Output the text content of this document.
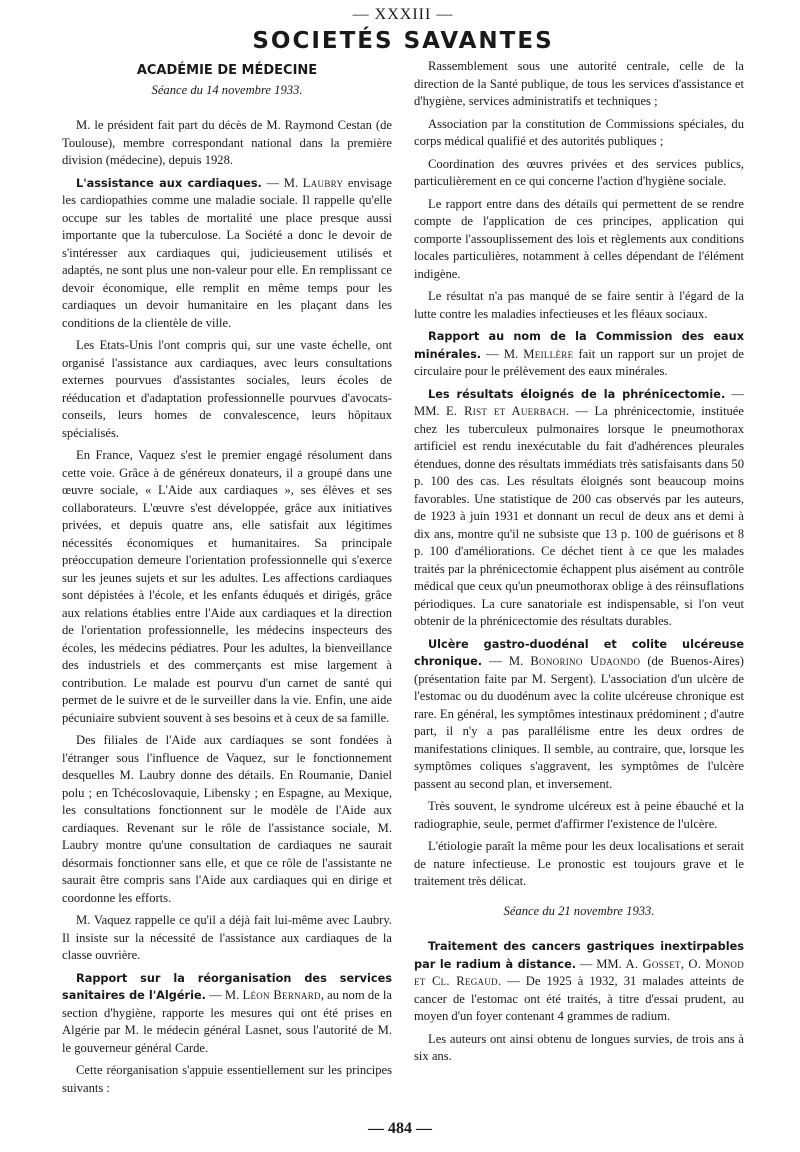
— XXXIII —
SOCIETÉS SAVANTES
ACADÉMIE DE MÉDECINE
Séance du 14 novembre 1933.

M. le président fait part du décès de M. Raymond Cestan (de Toulouse), membre correspondant national dans la première division (médecine), depuis 1928.

L'assistance aux cardiaques. — M. Laubry envisage les cardiopathies comme une maladie sociale. Il rappelle qu'elle occupe sur les tables de mortalité une place presque aussi importante que la tuberculose. La Société a donc le devoir de s'intéresser aux cardiaques qui, judicieusement utilisés et adaptés, ne sont plus une non-valeur pour elle. En remplissant ce devoir économique, elle remplit en même temps pour les cardiaques un devoir humanitaire en les plaçant dans les conditions de la clientèle de ville.

Les Etats-Unis l'ont compris qui, sur une vaste échelle, ont organisé l'assistance aux cardiaques, avec leurs consultations externes pourvues d'assistantes sociales, leurs écoles de rééducation et d'adaptation professionnelle pourvues d'avocats-conseils, leurs homes de convalescence, leurs hôpitaux spécialisés.

En France, Vaquez s'est le premier engagé résolument dans cette voie. Grâce à de généreux donateurs, il a groupé dans une œuvre sociale, « L'Aide aux cardiaques », ses élèves et ses collaborateurs. L'œuvre s'est développée, grâce aux initiatives privées, et depuis quatre ans, elle satisfait aux légitimes nécessités économiques et humanitaires. Sa principale préoccupation demeure l'orientation professionnelle qui s'exerce sur les jeunes sujets et sur les adultes. Les affections cardiaques sont dépistées à l'école, et les enfants éduqués et dirigés, grâce aux relations établies entre l'Aide aux cardiaques et la direction de l'orientation professionnelle, les médecins inspecteurs des écoles, les médecins pédiatres. Pour les adultes, la bienveillance des industriels et des commerçants est mise largement à contribution. Le malade est pourvu d'un carnet de santé qui permet de le suivre et de le surveiller dans la vie. Enfin, une aide pécuniaire subvient souvent à ses besoins et à ceux de sa famille.

Des filiales de l'Aide aux cardiaques se sont fondées à l'étranger sous l'influence de Vaquez, sur le fonctionnement desquelles M. Laubry donne des détails. En Roumanie, Daniel polu ; en Tchécoslovaquie, Libensky ; en Espagne, au Mexique, les consultations fonctionnent sur le modèle de l'Aide aux cardiaques. Revenant sur le rôle de l'assistance sociale, M. Laubry montre qu'une consultation de cardiaques ne saurait désormais fonctionner sans elle, et que ce rôle de l'assistante ne saurait être compris sans l'Aide aux cardiaques qui en dirige et coordonne les efforts.

M. Vaquez rappelle ce qu'il a déjà fait lui-même avec Laubry. Il insiste sur la nécessité de l'assistance aux cardiaques de la classe ouvrière.

Rapport sur la réorganisation des services sanitaires de l'Algérie. — M. Léon Bernard, au nom de la section d'hygiène, rapporte les mesures qui ont été prises en Algérie par M. le médecin général Lasnet, sous l'autorité de M. le gouverneur général Carde.

Cette réorganisation s'appuie essentiellement sur les principes suivants :

Rassemblement sous une autorité centrale, celle de la direction de la Santé publique, de tous les services d'assistance et d'hygiène, services administratifs et techniques ;

Association par la constitution de Commissions spéciales, du corps médical qualifié et des autorités publiques ;

Coordination des œuvres privées et des services publics, particulièrement en ce qui concerne l'action d'hygiène sociale.

Le rapport entre dans des détails qui permettent de se rendre compte de l'application de ces principes, application qui comporte l'assouplissement des lois et règlements aux conditions locales particulières, notamment à celles dépendant de l'élément indigène.

Le résultat n'a pas manqué de se faire sentir à l'égard de la lutte contre les maladies infectieuses et les fléaux sociaux.

Rapport au nom de la Commission des eaux minérales. — M. Meillère fait un rapport sur un projet de circulaire pour le prélèvement des eaux minérales.

Les résultats éloignés de la phrénicectomie. — MM. E. Rist et Auerbach. — La phrénicectomie, instituée chez les tuberculeux pulmonaires lorsque le pneumothorax artificiel est rendu inexécutable du fait d'adhérences pleurales étendues, donne des résultats immédiats très satisfaisants dans 50 p. 100 des cas. Les résultats éloignés sont beaucoup moins favorables. Une statistique de 200 cas observés par les auteurs, de 1923 à juin 1931 et donnant un recul de deux ans et demi à dix ans, montre qu'il ne subsiste que 13 p. 100 de guérisons et 8 p. 100 d'améliorations. Ce déchet tient à ce que les malades traités par la phrénicectomie échappent plus aisément au contrôle médical que ceux qu'un pneumothorax oblige à des réinsuflations périodiques. La cure sanatoriale est indispensable, si l'on veut obtenir de la phrénicectomie des résultats durables.

Ulcère gastro-duodénal et colite ulcéreuse chronique. — M. Bonorino Udaondo (de Buenos-Aires) (présentation faite par M. Sergent). L'association d'un ulcère de l'estomac ou du duodénum avec la colite ulcéreuse chronique est rare. En général, les symptômes intestinaux prédominent ; d'autre part, il n'y a pas parallélisme entre les deux ordres de manifestations cliniques. Il semble, au contraire, que, lorsque les symptômes coliques s'aggravent, les symptômes de l'ulcère passent au second plan, et inversement.

Très souvent, le syndrome ulcéreux est à peine ébauché et la radiographie, seule, permet d'affirmer l'existence de l'ulcère.

L'étiologie paraît la même pour les deux localisations et serait de nature infectieuse. Le pronostic est toujours grave et le traitement très délicat.

Séance du 21 novembre 1933.

Traitement des cancers gastriques inextirpables par le radium à distance. — MM. A. Gosset, O. Monod et Cl. Regaud. — De 1925 à 1932, 31 malades atteints de cancer de l'estomac ont été traités, à titre d'essai prudent, au moyen d'un foyer contenant 4 grammes de radium.

Les auteurs ont ainsi obtenu de longues survies, de trois ans à six ans.

— 484 —
